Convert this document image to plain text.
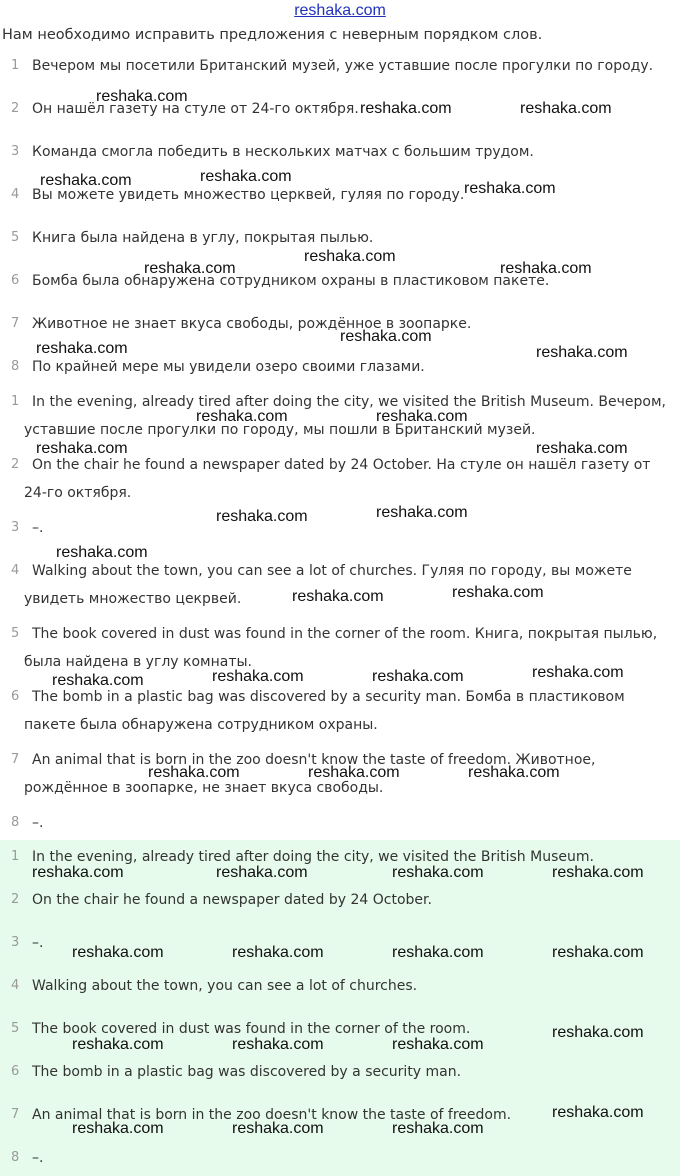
reshaka.com
Нам необходимо исправить предложения с неверным порядком слов.
1 Вечером мы посетили Британский музей, уже уставшие после прогулки по городу.
2 Он нашёл газету на стуле от 24-го октября.
3 Команда смогла победить в нескольких матчах с большим трудом.
4 Вы можете увидеть множество церквей, гуляя по городу.
5 Книга была найдена в углу, покрытая пылью.
6 Бомба была обнаружена сотрудником охраны в пластиковом пакете.
7 Животное не знает вкуса свободы, рождённое в зоопарке.
8 По крайней мере мы увидели озеро своими глазами.
1 In the evening, already tired after doing the city, we visited the British Museum. Вечером, уставшие после прогулки по городу, мы пошли в Британский музей.
2 On the chair he found a newspaper dated by 24 October. На стуле он нашёл газету от 24-го октября.
3 –.
4 Walking about the town, you can see a lot of churches. Гуляя по городу, вы можете увидеть множество цекрвей.
5 The book covered in dust was found in the corner of the room. Книга, покрытая пылью, была найдена в углу комнаты.
6 The bomb in a plastic bag was discovered by a security man. Бомба в пластиковом пакете была обнаружена сотрудником охраны.
7 An animal that is born in the zoo doesn't know the taste of freedom. Животное, рождённое в зоопарке, не знает вкуса свободы.
8 –.
1 In the evening, already tired after doing the city, we visited the British Museum.
2 On the chair he found a newspaper dated by 24 October.
3 –.
4 Walking about the town, you can see a lot of churches.
5 The book covered in dust was found in the corner of the room.
6 The bomb in a plastic bag was discovered by a security man.
7 An animal that is born in the zoo doesn't know the taste of freedom.
8 –.
reshaka.com
reshaka.com	reshaka.com
reshaka.com	reshaka.com
reshaka.com
reshaka.com
reshaka.com	reshaka.com
reshaka.com
reshaka.com	reshaka.com
reshaka.com	reshaka.com
reshaka.com	reshaka.com
reshaka.com	reshaka.com
reshaka.com
reshaka.com	reshaka.com
reshaka.com	reshaka.com	reshaka.com	reshaka.com
reshaka.com	reshaka.com	reshaka.com
reshaka.com	reshaka.com	reshaka.com	reshaka.com
reshaka.com	reshaka.com	reshaka.com	reshaka.com
reshaka.com
reshaka.com	reshaka.com	reshaka.com
reshaka.com
reshaka.com	reshaka.com	reshaka.com
